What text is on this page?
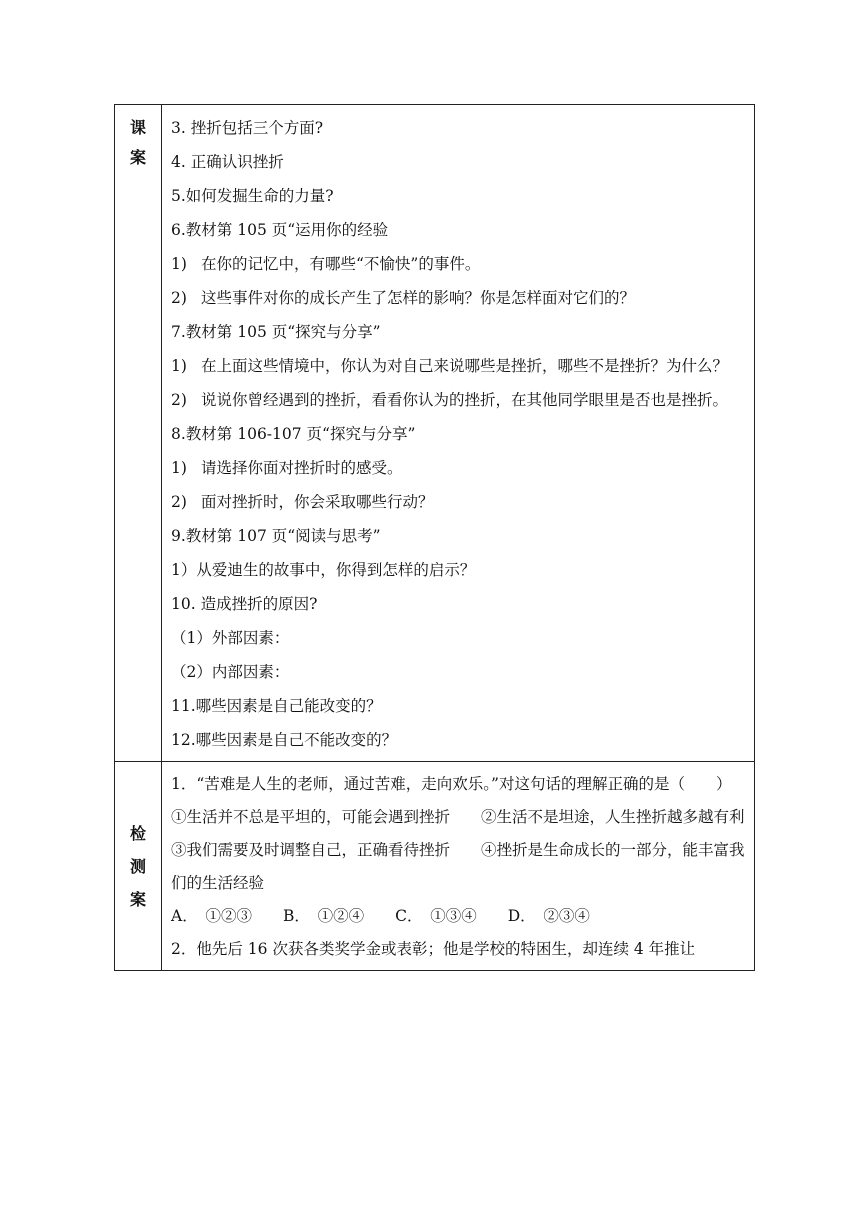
课
案
3. 挫折包括三个方面?
4. 正确认识挫折
5.如何发掘生命的力量?
6.教材第 105 页“运用你的经验
1) 在你的记忆中，有哪些“不愉快”的事件。
2) 这些事件对你的成长产生了怎样的影响？你是怎样面对它们的？
7.教材第 105 页“探究与分享”
1) 在上面这些情境中，你认为对自己来说哪些是挫折，哪些不是挫折？为什么？
2) 说说你曾经遇到的挫折，看看你认为的挫折，在其他同学眼里是否也是挫折。
8.教材第 106-107 页“探究与分享”
1) 请选择你面对挫折时的感受。
2) 面对挫折时，你会采取哪些行动？
9.教材第 107 页“阅读与思考”
1）从爱迪生的故事中，你得到怎样的启示？
10. 造成挫折的原因?
（1）外部因素：
（2）内部因素：
11.哪些因素是自己能改变的？
12.哪些因素是自己不能改变的？
检
测
案
1．“苦难是人生的老师，通过苦难，走向欢乐。”对这句话的理解正确的是（　　）
①生活并不总是平坦的，可能会遇到挫折　　②生活不是坦途，人生挫折越多越有利
③我们需要及时调整自己，正确看待挫折　　④挫折是生命成长的一部分，能丰富我们的生活经验
A．　①②③　　B．　①②④　　C．　①③④　　D．　②③④
2．他先后 16 次获各类奖学金或表彰；他是学校的特困生，却连续 4 年推让
